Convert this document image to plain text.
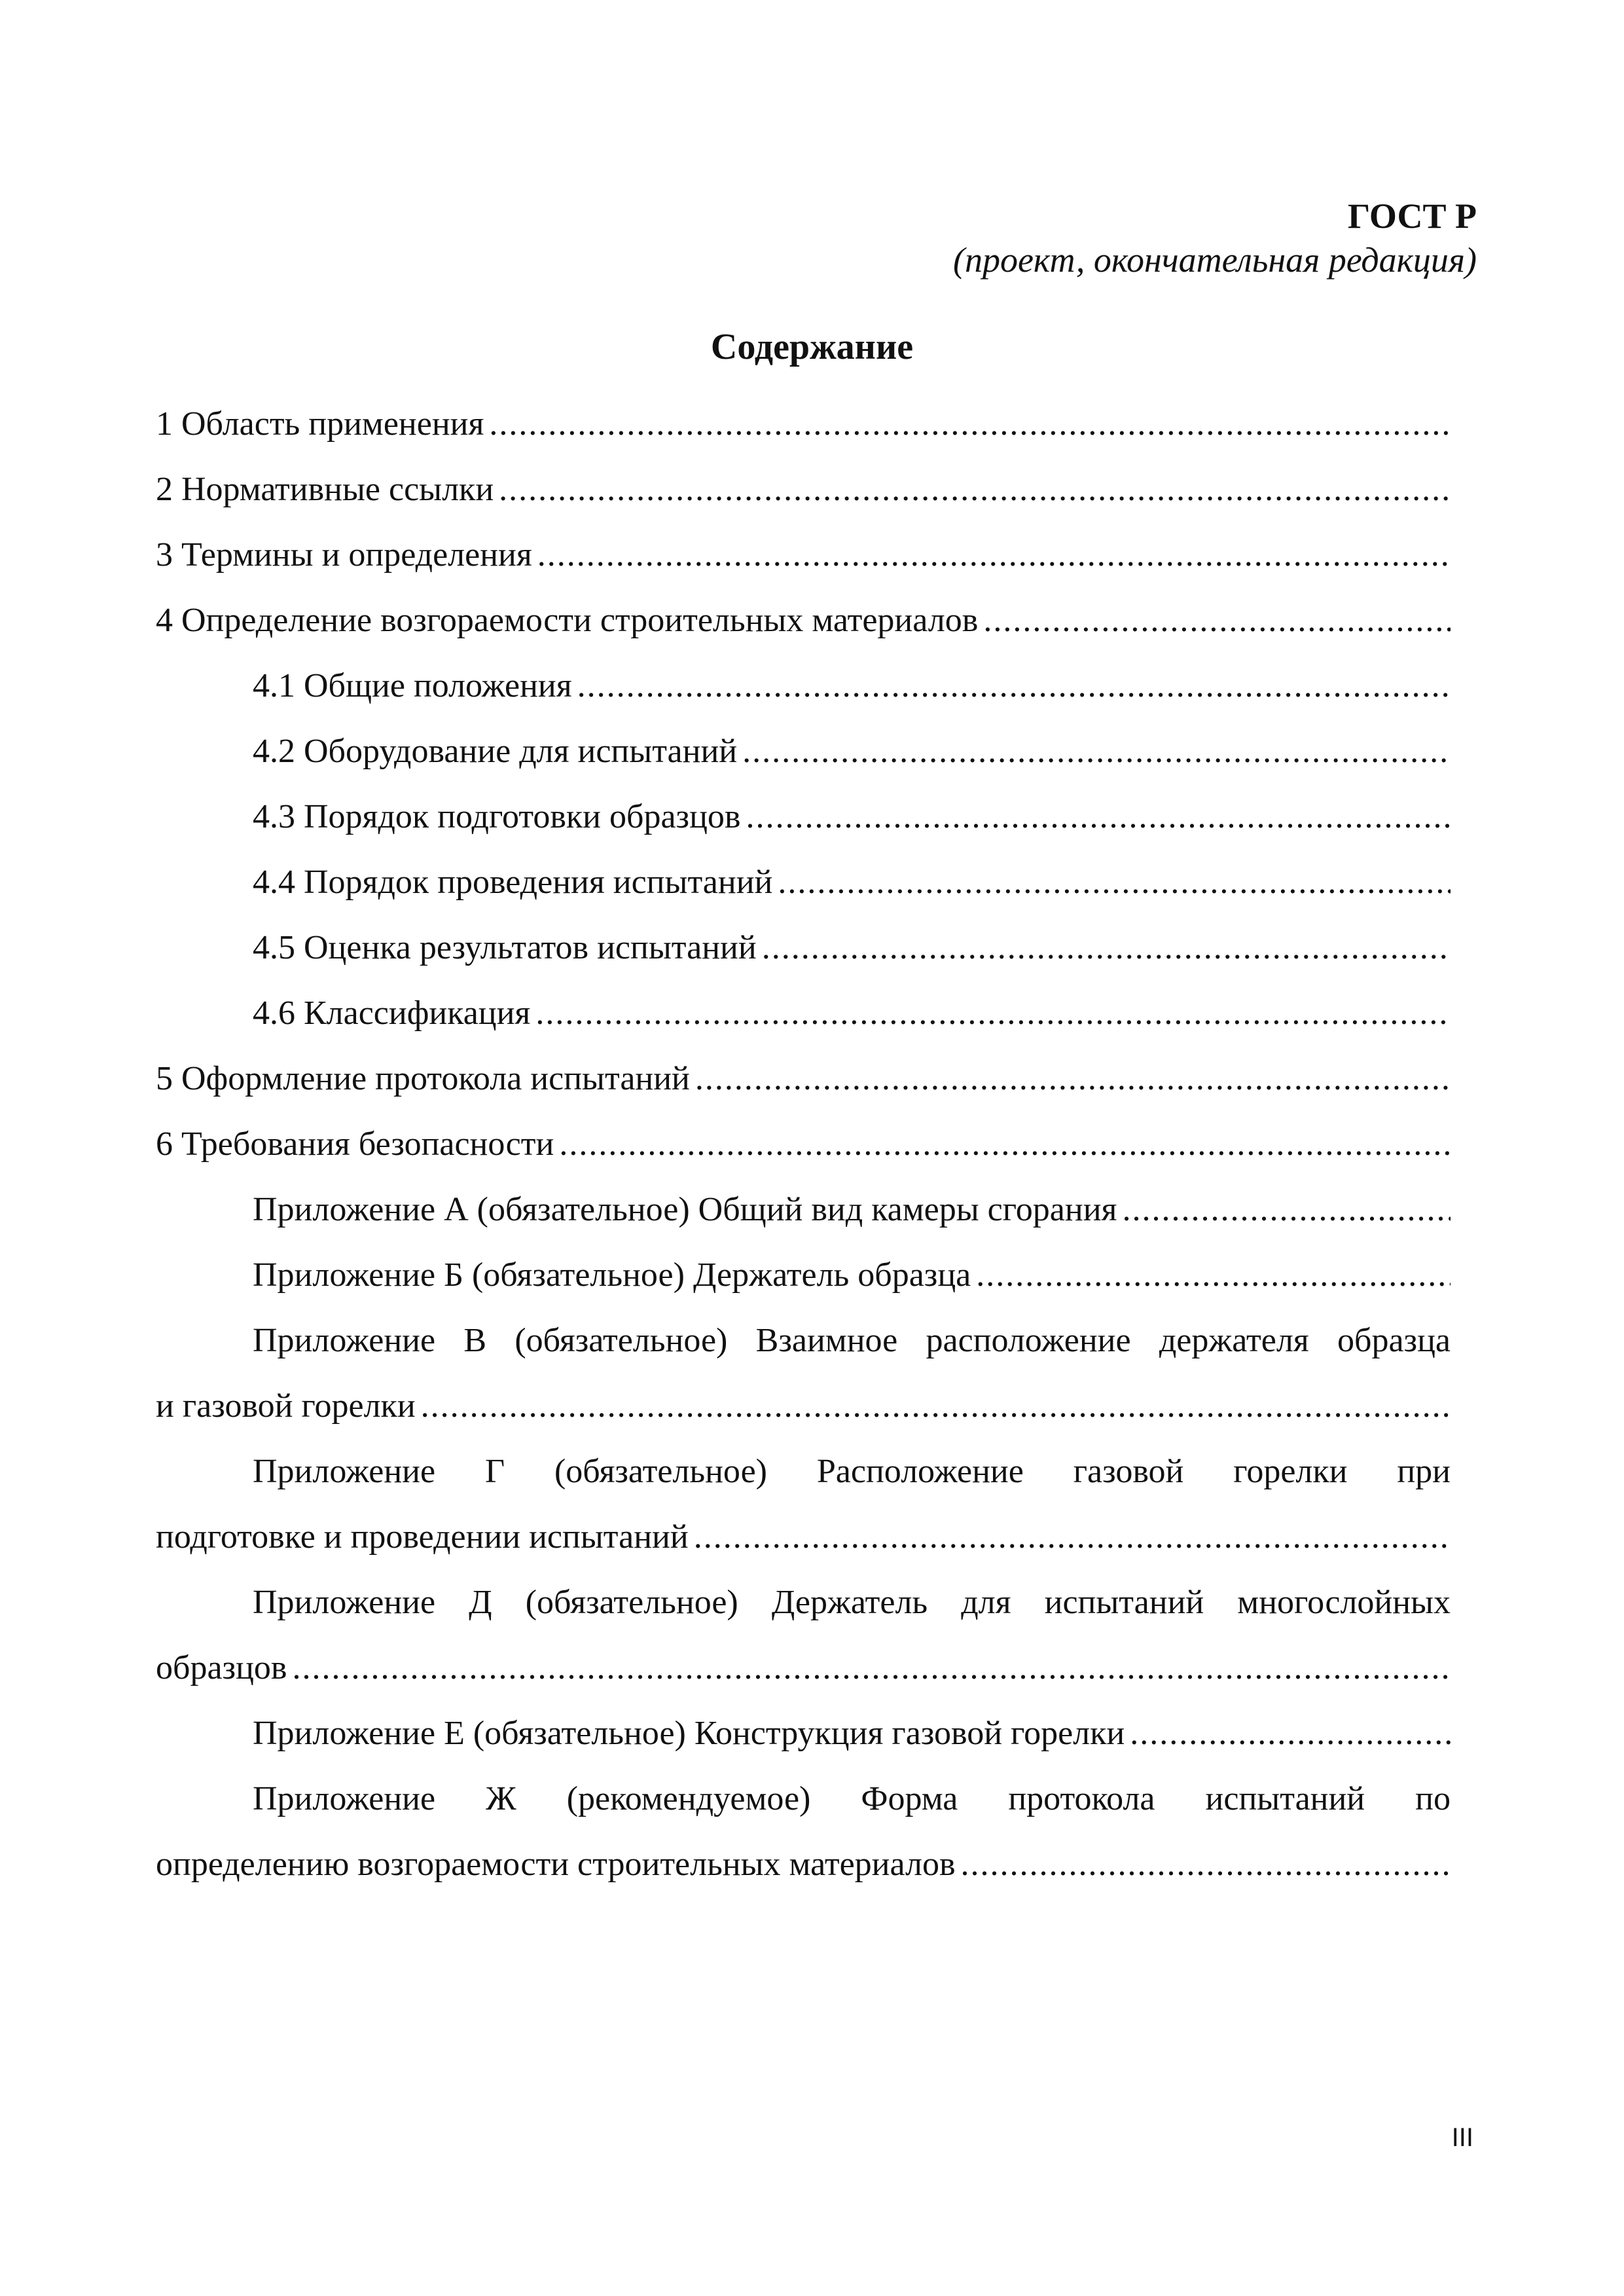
ГОСТ Р
(проект, окончательная редакция)
Содержание
1 Область применения
.....
2 Нормативные ссылки
.....
3 Термины и определения
.....
4 Определение возгораемости строительных материалов
.....
4.1 Общие положения
.....
4.2 Оборудование для испытаний
.....
4.3 Порядок подготовки образцов
.....
4.4 Порядок проведения испытаний
.....
4.5 Оценка результатов испытаний
.....
4.6 Классификация
.....
5 Оформление протокола испытаний
.....
6 Требования безопасности
.....
Приложение А (обязательное) Общий вид камеры сгорания
.....
Приложение Б (обязательное) Держатель образца
.....
Приложение В (обязательное) Взаимное расположение держателя образца
и газовой горелки
.....
Приложение Г (обязательное) Расположение газовой горелки при
подготовке и проведении испытаний
.....
Приложение Д (обязательное) Держатель для испытаний многослойных
образцов
.....
Приложение Е (обязательное) Конструкция газовой горелки
.....
Приложение Ж (рекомендуемое) Форма протокола испытаний по
определению возгораемости строительных материалов
.....
III
